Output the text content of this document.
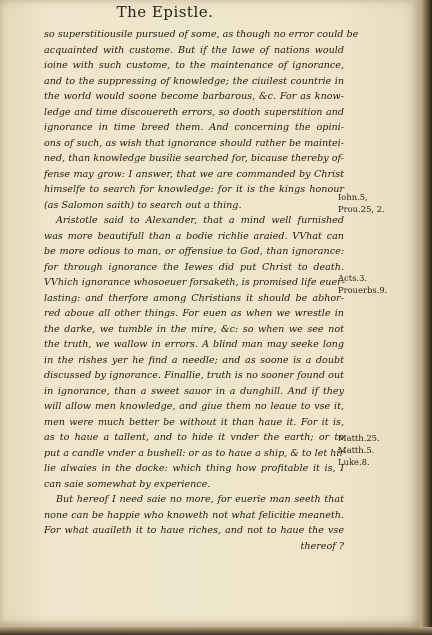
The Epistle.
so superstitiousile pursued of some, as though no error could be
acquainted with custome. But if the lawe of nations would
ioine with such custome, to the maintenance of ignorance,
and to the suppressing of knowledge; the ciuilest countrie in
the world would soone become barbarous, &c. For as know-
ledge and time discouereth errors, so dooth superstition and
ignorance in time breed them. And concerning the opini-
ons of such, as wish that ignorance should rather be maintei-
ned, than knowledge busilie searched for, bicause thereby of-
fense may grow: I answer, that we are commanded by Christ
himselfe to search for knowledge: for it is the kings honour
(as Salomon saith) to search out a thing.
Aristotle said to Alexander, that a mind well furnished
was more beautifull than a bodie richlie araied. VVhat can
be more odious to man, or offensiue to God, than ignorance:
for through ignorance the Iewes did put Christ to death.
VVhich ignorance whosoeuer forsaketh, is promised life euer-
lasting: and therfore among Christians it should be abhor-
red aboue all other things. For euen as when we wrestle in
the darke, we tumble in the mire, &c: so when we see not
the truth, we wallow in errors. A blind man may seeke long
in the rishes yer he find a needle; and as soone is a doubt
discussed by ignorance. Finallie, truth is no sooner found out
in ignorance, than a sweet sauor in a dunghill. And if they
will allow men knowledge, and giue them no leaue to vse it,
men were much better be without it than haue it. For it is,
as to haue a tallent, and to hide it vnder the earth; or to
put a candle vnder a bushell: or as to haue a ship, & to let hir
lie alwaies in the docke: which thing how profitable it is, I
can saie somewhat by experience.
But hereof I need saie no more, for euerie man seeth that
none can be happie who knoweth not what felicitie meaneth.
For what auaileth it to haue riches, and not to haue the vse
thereof ?
Iohn.5,
Prou.25, 2.
Acts.3.
Prouerbs.9.
Matth.25.
Matth.5.
Luke.8.
